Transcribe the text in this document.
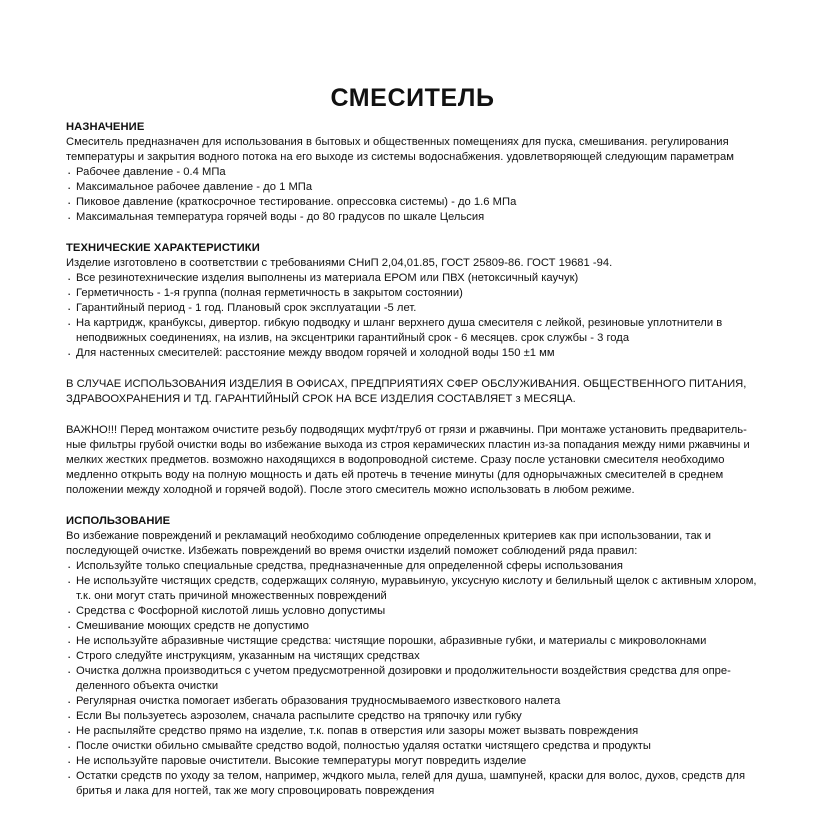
СМЕСИТЕЛЬ
НАЗНАЧЕНИЕ

Смеситель предназначен для использования в бытовых и общественных помещениях для пуска, смешивания. регулирования температуры и закрытия водного потока на его выходе из системы водоснабжения. удовлетворяющей следующим параметрам

· Рабочее давление - 0.4 МПа
· Максимальное рабочее давление - до 1 МПа
· Пиковое давление (краткосрочное тестирование. опрессовка системы) - до 1.6 МПа
· Максимальная температура горячей воды - до 80 градусов по шкале Цельсия
ТЕХНИЧЕСКИЕ ХАРАКТЕРИСТИКИ

Изделие изготовлено в соответствии с требованиями СНиП 2,04,01.85, ГОСТ 25809-86. ГОСТ 19681 -94.

· Все резинотехнические изделия выполнены из материала ЕРОМ или ПВХ (нетоксичный каучук)
· Герметичность - 1-я группа (полная герметичность в закрытом состоянии)
· Гарантийный период - 1 год. Плановый срок эксплуатации -5 лет.
· На картридж, кранбуксы, дивертор. гибкую подводку и шланг верхнего душа смесителя с лейкой, резиновые уплотнители в неподвижных соединениях, на излив, на эксцентрики гарантийный срок - 6 месяцев. срок службы - 3 года
· Для настенных смесителей: расстояние между вводом горячей и холодной воды 150 ±1 мм

В СЛУЧАЕ ИСПОЛЬЗОВАНИЯ ИЗДЕЛИЯ В ОФИСАХ, ПРЕДПРИЯТИЯХ СФЕР ОБСЛУЖИВАНИЯ. ОБЩЕСТВЕННОГО ПИТАНИЯ, ЗДРАВООХРАНЕНИЯ И ТД. ГАРАНТИЙНЫЙ СРОК НА ВСЕ ИЗДЕЛИЯ СОСТАВЛЯЕТ з МЕСЯЦА.

ВАЖНО!!! Перед монтажом очистите резьбу подводящих муфт/труб от грязи и ржавчины. При монтаже установить предваритель-ные фильтры грубой очистки воды во избежание выхода из строя керамических пластин из-за попадания между ними ржавчины и мелких жестких предметов. возможно находящихся в водопроводной системе. Сразу после установки смесителя необходимо медленно открыть воду на полную мощность и дать ей протечь в течение минуты (для однорычажных смесителей в среднем положении между холодной и горячей водой). После этого смеситель можно использовать в любом режиме.

ИСПОЛЬЗОВАНИЕ

Во избежание повреждений и рекламаций необходимо соблюдение определенных критериев как при использовании, так и последующей очистке. Избежать повреждений во время очистки изделий поможет соблюдений ряда правил:

· Используйте только специальные средства, предназначенные для определенной сферы использования
· Не используйте чистящих средств, содержащих соляную, муравьиную, уксусную кислоту и белильный щелок с активным хлором, т.к. они могут стать причиной множественных повреждений
· Средства с Фосфорной кислотой лишь условно допустимы
· Смешивание моющих средств не допустимо
· Не используйте абразивные чистящие средства: чистящие порошки, абразивные губки, и материалы с микроволокнами
· Строго следуйте инструкциям, указанным на чистящих средствах
· Очистка должна производиться с учетом предусмотренной дозировки и продолжительности воздействия средства для опре-деленного объекта очистки
· Регулярная очистка помогает избегать образования трудносмываемого известкового налета
· Если Вы пользуетесь аэрозолем, сначала распылите средство на тряпочку или губку
· Не распыляйте средство прямо на изделие, т.к. попав в отверстия или зазоры может вызвать повреждения
· После очистки обильно смывайте средство водой, полностью удаляя остатки чистящего средства и продукты
· Не используйте паровые очистители. Высокие температуры могут повредить изделие
· Остатки средств по уходу за телом, например, жчдкого мыла, гелей для душа, шампуней, краски для волос, духов, средств для бритья и лака для ногтей, так же могу спровоцировать повреждения
